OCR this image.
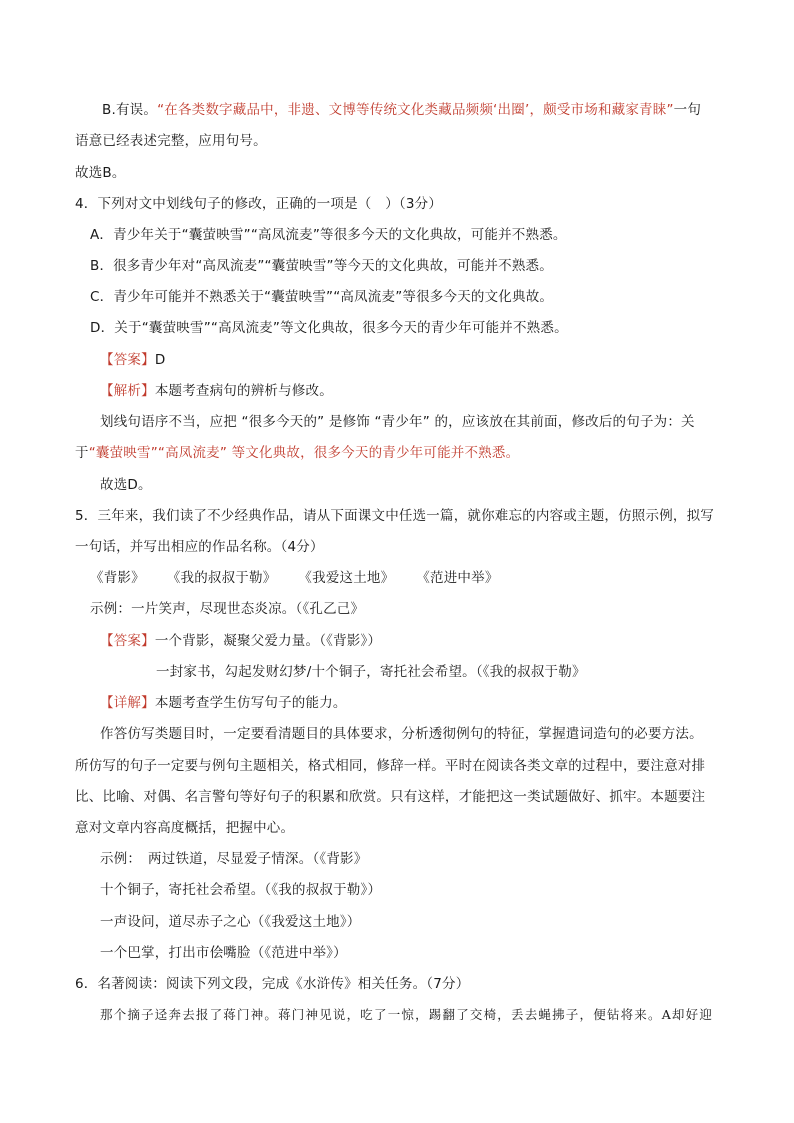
B.有误。“在各类数字藏品中，非遗、文博等传统文化类藏品频频‘出圈’，颇受市场和藏家青睐”一句
语意已经表述完整，应用句号。
故选B。
4．下列对文中划线句子的修改，正确的一项是（　）（3分）
A．青少年关于“囊萤映雪”“高凤流麦”等很多今天的文化典故，可能并不熟悉。
B．很多青少年对“高凤流麦”“囊萤映雪”等今天的文化典故，可能并不熟悉。
C．青少年可能并不熟悉关于“囊萤映雪”“高凤流麦”等很多今天的文化典故。
D．关于“囊萤映雪”“高凤流麦”等文化典故，很多今天的青少年可能并不熟悉。
【答案】D
【解析】本题考查病句的辨析与修改。
划线句语序不当，应把 “很多今天的” 是修饰 “青少年” 的，应该放在其前面，修改后的句子为：关
于“囊萤映雪”“高凤流麦” 等文化典故，很多今天的青少年可能并不熟悉。
故选D。
5．三年来，我们读了不少经典作品，请从下面课文中任选一篇，就你难忘的内容或主题，仿照示例，拟写
一句话，并写出相应的作品名称。（4分）
《背影》 《我的叔叔于勒》 《我爱这土地》 《范进中举》
示例：一片笑声，尽现世态炎凉。（《孔乙己》
【答案】一个背影，凝聚父爱力量。（《背影》）
一封家书，勾起发财幻梦/十个铜子，寄托社会希望。（《我的叔叔于勒》
【详解】本题考查学生仿写句子的能力。
作答仿写类题目时，一定要看清题目的具体要求，分析透彻例句的特征，掌握遣词造句的必要方法。
所仿写的句子一定要与例句主题相关，格式相同，修辞一样。平时在阅读各类文章的过程中，要注意对排
比、比喻、对偶、名言警句等好句子的积累和欣赏。只有这样，才能把这一类试题做好、抓牢。本题要注
意对文章内容高度概括，把握中心。
示例：　两过铁道，尽显爱子情深。（《背影》
十个铜子，寄托社会希望。（《我的叔叔于勒》）
一声设问，道尽赤子之心（《我爱这土地》）
一个巴掌，打出市侩嘴脸（《范进中举》）
6．名著阅读：阅读下列文段，完成《水浒传》相关任务。（7分）
那个摘子迳奔去报了蒋门神。蒋门神见说，吃了一惊，踢翻了交椅，丢去蝇拂子，便钻将来。A却好迎
